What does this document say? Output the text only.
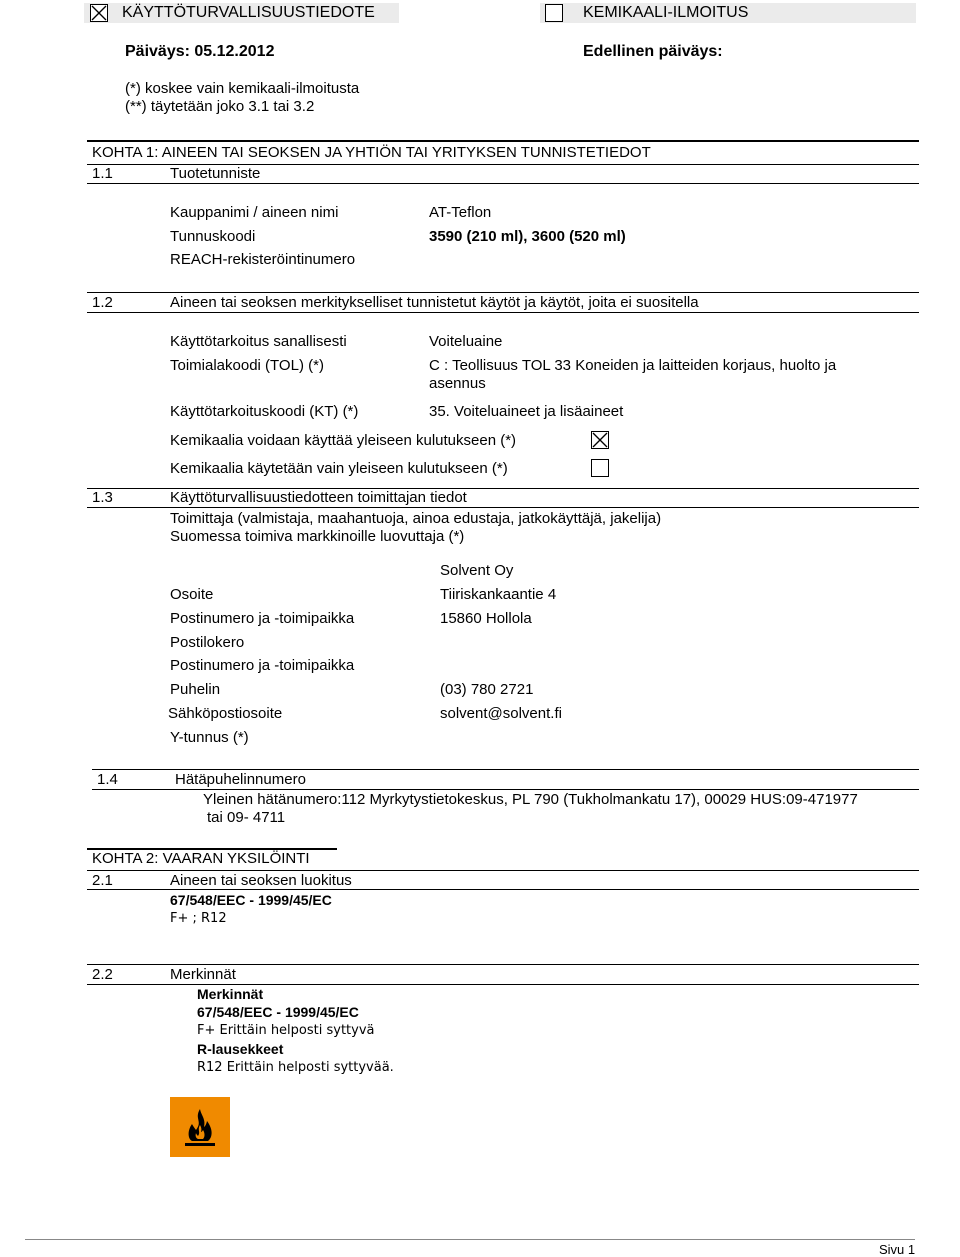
KÄYTTÖTURVALLISUUSTIEDOTE	KEMIKAALI-ILMOITUS
Päiväys: 05.12.2012	Edellinen päiväys:
(*) koskee vain kemikaali-ilmoitusta
(**) täytetään joko 3.1 tai 3.2
KOHTA 1: AINEEN TAI SEOKSEN JA YHTIÖN TAI YRITYKSEN TUNNISTETIEDOT
1.1	Tuotetunniste
Kauppanimi / aineen nimi	AT-Teflon
Tunnuskoodi	3590 (210 ml), 3600 (520 ml)
REACH-rekisteröintinumero
1.2	Aineen tai seoksen merkitykselliset tunnistetut käytöt ja käytöt, joita ei suositella
Käyttötarkoitus sanallisesti	Voiteluaine
Toimialakoodi (TOL) (*)	C : Teollisuus TOL 33 Koneiden ja laitteiden korjaus, huolto ja
asennus
Käyttötarkoituskoodi (KT) (*)	35. Voiteluaineet ja lisäaineet
Kemikaalia voidaan käyttää yleiseen kulutukseen (*)
Kemikaalia käytetään vain yleiseen kulutukseen (*)
1.3	Käyttöturvallisuustiedotteen toimittajan tiedot
Toimittaja (valmistaja, maahantuoja, ainoa edustaja, jatkokäyttäjä, jakelija)
Suomessa toimiva markkinoille luovuttaja (*)
Solvent Oy
Osoite	Tiiriskankaantie 4
Postinumero ja -toimipaikka	15860 Hollola
Postilokero
Postinumero ja -toimipaikka
Puhelin	(03) 780 2721
Sähköpostiosoite	solvent@solvent.fi
Y-tunnus (*)
1.4	Hätäpuhelinnumero
Yleinen hätänumero:112 Myrkytystietokeskus, PL 790 (Tukholmankatu 17), 00029 HUS:09-471977
tai 09- 4711
KOHTA 2: VAARAN YKSILÖINTI
2.1	Aineen tai seoksen luokitus
67/548/EEC - 1999/45/EC
F+ ; R12
2.2	Merkinnät
Merkinnät
67/548/EEC - 1999/45/EC
F+ Erittäin helposti syttyvä
R-lausekkeet
R12 Erittäin helposti syttyvää.
Sivu 1
